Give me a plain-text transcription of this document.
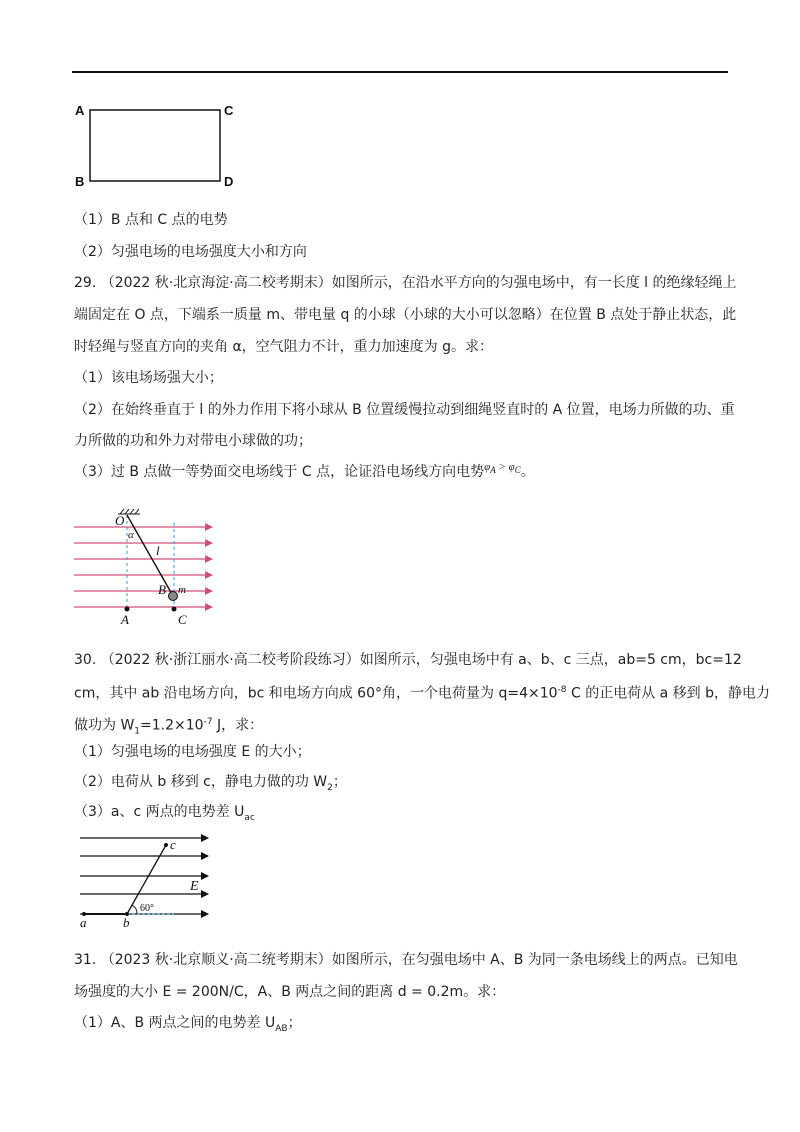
A	C
B	D
（1）B 点和 C 点的电势
（2）匀强电场的电场强度大小和方向
29. （2022 秋·北京海淀·高二校考期末）如图所示，在沿水平方向的匀强电场中，有一长度 l 的绝缘轻绳上
端固定在 O 点，下端系一质量 m、带电量 q 的小球（小球的大小可以忽略）在位置 B 点处于静止状态，此
时轻绳与竖直方向的夹角 α，空气阻力不计，重力加速度为 g。求：
（1）该电场场强大小；
（2）在始终垂直于 l 的外力作用下将小球从 B 位置缓慢拉动到细绳竖直时的 A 位置，电场力所做的功、重
力所做的功和外力对带电小球做的功；
（3）过 B 点做一等势面交电场线于 C 点，论证沿电场线方向电势$^{\varphi_A > \varphi_C}$。
O
α
l
B m
A	C
30. （2022 秋·浙江丽水·高二校考阶段练习）如图所示，匀强电场中有 a、b、c 三点，ab=5 cm，bc=12
cm，其中 ab 沿电场方向，bc 和电场方向成 60°角，一个电荷量为 $q=4\times 10^{-8}$ C 的正电荷从 a 移到 b，静电力
做功为 $W_1=1.2\times 10^{-7}$ J，求：
（1）匀强电场的电场强度 E 的大小；
（2）电荷从 b 移到 c，静电力做的功 $W_2$；
（3）a、c 两点的电势差 $U_{ac}$
c
E
60°
a	b
31. （2023 秋·北京顺义·高二统考期末）如图所示，在匀强电场中 A、B 为同一条电场线上的两点。已知电
场强度的大小 E = 200N/C，A、B 两点之间的距离 d = 0.2m。求：
（1）A、B 两点之间的电势差 $U_{AB}$；
